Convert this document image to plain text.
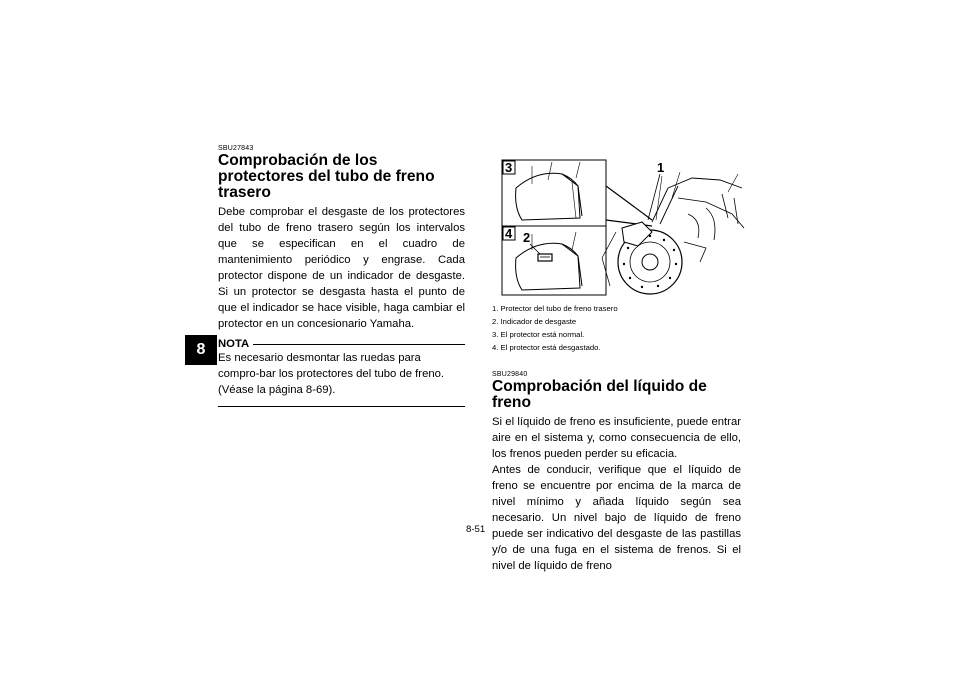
8

SBU27843

Comprobación de los protectores del tubo de freno trasero

Debe comprobar el desgaste de los protectores del tubo de freno trasero según los intervalos que se especifican en el cuadro de mantenimiento periódico y engrase. Cada protector dispone de un indicador de desgaste. Si un protector se desgasta hasta el punto de que el indicador se hace visible, haga cambiar el protector en un concesionario Yamaha.

NOTA

Es necesario desmontar las ruedas para compro-bar los protectores del tubo de freno. (Véase la página 8-69).

3
4
1
2
1. Protector del tubo de freno trasero
2. Indicador de desgaste
3. El protector está normal.
4. El protector está desgastado.

SBU29840

Comprobación del líquido de freno

Si el líquido de freno es insuficiente, puede entrar aire en el sistema y, como consecuencia de ello, los frenos pueden perder su eficacia.

Antes de conducir, verifique que el líquido de freno se encuentre por encima de la marca de nivel mínimo y añada líquido según sea necesario. Un nivel bajo de líquido de freno puede ser indicativo del desgaste de las pastillas y/o de una fuga en el sistema de frenos. Si el nivel de líquido de freno

8-51
